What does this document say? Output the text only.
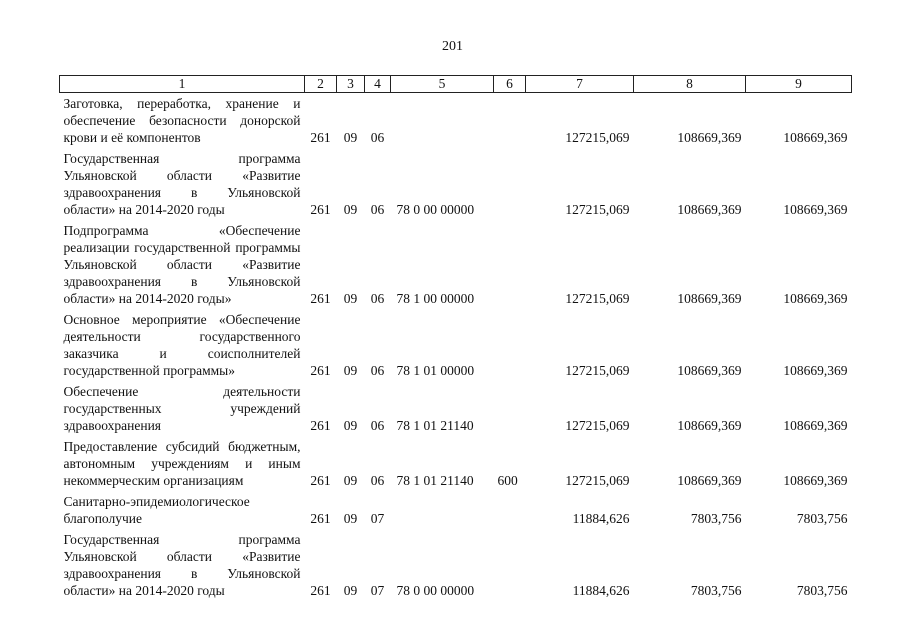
201
1	2	3	4	5	6	7	8	9
Заготовка, переработка, хранение и обеспечение безопасности донорской крови и её компонентов	261	09	06			127215,069	108669,369	108669,369
Государственная программа Ульяновской области «Развитие здравоохранения в Ульяновской области» на 2014-2020 годы	261	09	06	78 0 00 00000		127215,069	108669,369	108669,369
Подпрограмма «Обеспечение реализации государственной программы Ульяновской области «Развитие здравоохранения в Ульяновской области» на 2014-2020 годы»	261	09	06	78 1 00 00000		127215,069	108669,369	108669,369
Основное мероприятие «Обеспечение деятельности государственного заказчика и соисполнителей государственной программы»	261	09	06	78 1 01 00000		127215,069	108669,369	108669,369
Обеспечение деятельности государственных учреждений здравоохранения	261	09	06	78 1 01 21140		127215,069	108669,369	108669,369
Предоставление субсидий бюджетным, автономным учреждениям и иным некоммерческим организациям	261	09	06	78 1 01 21140	600	127215,069	108669,369	108669,369
Санитарно-эпидемиологическое благополучие	261	09	07			11884,626	7803,756	7803,756
Государственная программа Ульяновской области «Развитие здравоохранения в Ульяновской области» на 2014-2020 годы	261	09	07	78 0 00 00000		11884,626	7803,756	7803,756
